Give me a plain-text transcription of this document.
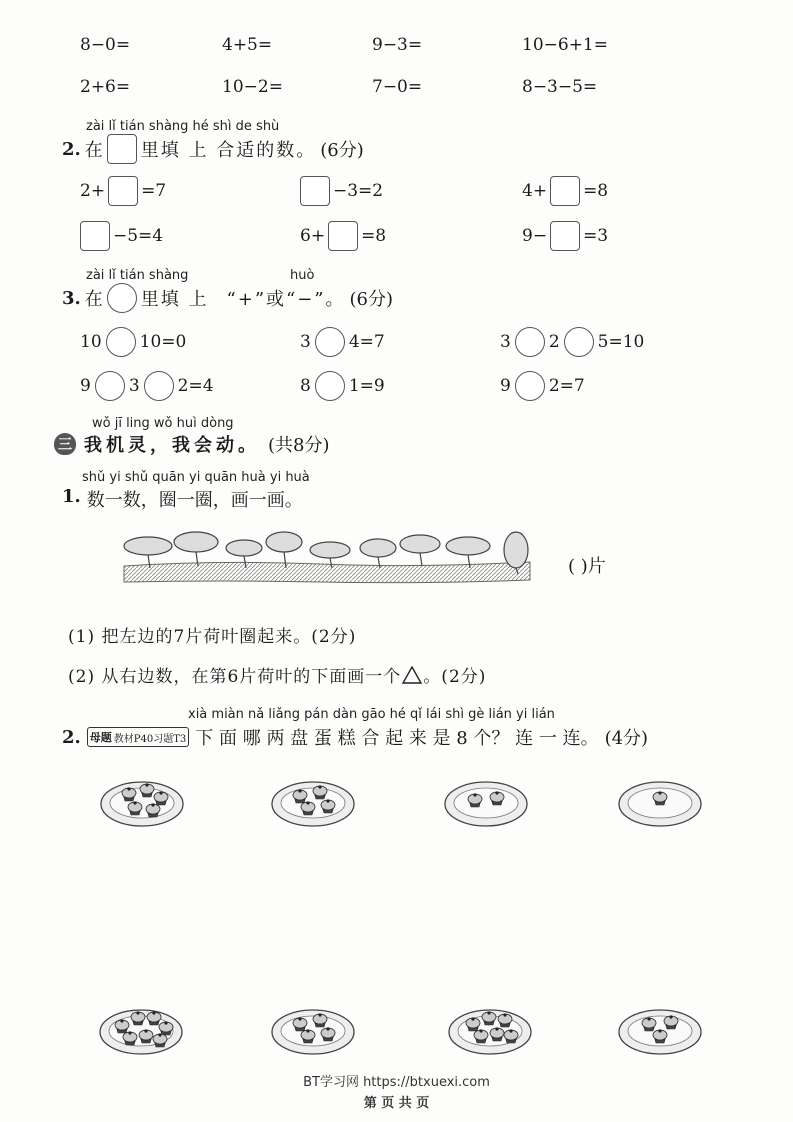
8−0=	4+5=	9−3=	10−6+1=
2+6=	10−2=	7−0=	8−3−5=
zài lǐ tián shàng hé shì de shù
2. 在 里填 上 合适的数。 (6分)
2+ =7	−3=2	4+ =8
−5=4	6+ =8	9− =3
zài lǐ tián shàng	huò
3. 在 里填 上 “+”或“−”。 (6分)
10 10=0	3 4=7	3 2 5=10
9 3 2=4	8 1=9	9 2=7
wǒ jī ling wǒ huì dòng
三 我机灵，我会动。 (共8分)
shǔ yi shǔ quān yi quān huà yi huà
1. 数一数，圈一圈，画一画。
( )片
(1) 把左边的7片荷叶圈起来。(2分)
(2) 从右边数，在第6片荷叶的下面画一个 。(2分)
xià miàn nǎ liǎng pán dàn gāo hé qǐ lái shì gè lián yi lián
2. 母题 教材P40习题T3 下 面 哪 两 盘 蛋 糕 合 起 来 是 8 个？ 连 一 连。 (4分)
BT学习网 https://btxuexi.com
第 页 共 页
